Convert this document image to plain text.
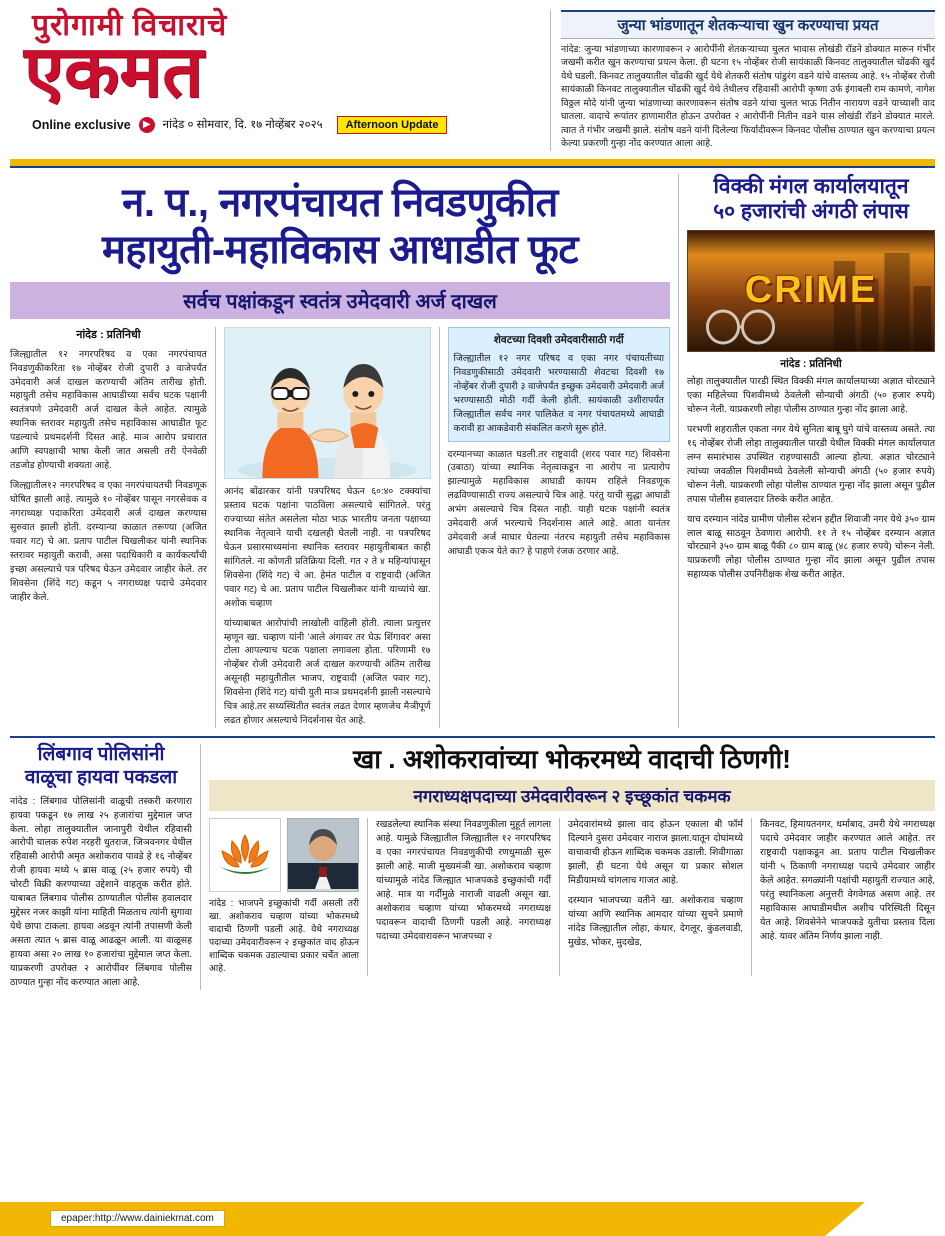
पुरोगामी विचाराचे
एकमत
Online exclusive	▶	नांदेड ० सोमवार, दि. १७ नोव्हेंबर २०२५	Afternoon Update
जुन्या भांडणातून शेतकऱ्याचा खुन करण्याचा प्रयत
नांदेड: जुन्या भांडणाच्या कारणावरून २ आरोपींनी शेतकऱ्याच्या चुलत भावास लोखंडी रॉडने डोक्यात मारून गंभीर जखमी करीत खुन करण्याचा प्रयत्न केला. ही घटना १५ नोव्हेंबर रोजी सायंकाळी किनवट तालुक्यातील चोंढकी खुर्द येथे घडली. किनवट तालुक्यातील चोंढकी खुर्द येथे शेतकरी संतोष पांडुरंग वडने यांचे वास्तव्य आहे. १५ नोव्हेंबर रोजी सायंकाळी किनवट तालुक्यातील चोंढकी खुर्द येथे तेथीलच रहिवासी आरोपी कृष्णा उर्फ इंगाबली राम कामणे, नागेश विठ्ठल मोदे यांनी जुन्या भांडणाच्या कारणावरून संतोष वडने यांचा चुलत भाऊ नितीन नारायण वडने याच्याशी वाद घातला. वादाचे रूपांतर हाणामारीत होऊन उपरोक्त २ आरोपींनी नितीन वडने यास लोखंडी रॉडने डोक्यात मारले. त्वात ते गंभीर जखमी झाले. संतोष वडने यांनी दिलेल्या फिर्यादीवरून किनवट पोलीस ठाण्यात खुन करण्याचा प्रयत्न केल्या प्रकरणी गुन्हा नोंद करण्यात आला आहे.
न. प., नगरपंचायत निवडणुकीत
महायुती-महाविकास आधाडीत फूट
सर्वच पक्षांकडून स्वतंत्र उमेदवारी अर्ज दाखल
नांदेड : प्रतिनिधी

जिल्ह्यातील १२ नगरपरिषद व एका नगरपंचायत निवडणुकीकरिता १७ नोव्हेंबर रोजी दुपारी ३ वाजेपर्यंत उमेदवारी अर्ज दाखल करण्याची अंतिम तारीख होती. महायुती तसेच महाविकास आघाडीच्या सर्वच घटक पक्षानी स्वतंत्रपणे उमेदवारी अर्ज दाखल केले आहेत. त्यामुळे स्थानिक स्तरावर महायुती तसेच महाविकास आघाडीत फूट पडल्याचे प्रथमदर्शनी दिसत आहे. माञ आरोप प्रचारात आणि स्वपक्षाची भाषा केली जात असली तरी ऐनवेळी तडजोड होण्याची शक्यता आहे.

जिल्ह्यातील१२ नगरपरिषद व एका नगरपंचायतची निवडणूक घोषित झाली आहे. त्यामुळे १० नोव्हेंबर पासून नगरसेवक व नगराध्यक्ष पदाकरिता उमेदवारी अर्ज दाखल करण्यास सुरुवात झाली होती. दरम्यान्या काळात तरूण्या (अजित पवार गट) चे आ. प्रताप पाटील चिखलीकर यांनी स्थानिक स्तरावर महायुती करावी, असा पदाधिकारी व कार्यकर्त्यांची इच्छा असल्याचे पत्र परिषद घेऊन उमेदवार जाहीर केले. तर शिवसेना (शिंदे गट) कडून ५ नगराध्यक्ष पदाचे उमेदवार जाहीर केले.

आनंद बोंढारकर यांनी पत्रपरिषद घेऊन ६०:४० टक्क्यांचा प्रस्ताव घटक पक्षांना पाठविला असल्याचे सांगितले. परंतु राज्याच्या संतेत असलेला मोठा भाऊ भारतीय जनता पक्षाच्या स्थानिक नेतृत्वाने याची दखलही घेतली नाही. ना पत्रपरिषद घेऊन प्रसारमाध्यमांना स्थानिक स्तरावर महायुतीबाबत काही सांगितले. ना कोणती प्रतिक्रिया दिली. गत २ ते ४ महिन्यांपासून शिवसेना (शिंदे गट) चे आ. हेमंत पाटील व राष्ट्रवादी (अजित पवार गट) चे आ. प्रताप पाटील चिखलीकर यांनी याच्यांचे खा. अशोक चव्हाण

यांच्याबाबत आरोपांची लाखोली वाहिली होती. त्याला प्रत्युत्तर म्हणून खा. चव्हाण यांनी 'आले अंगावर तर घेऊ शिंगावर' असा टोला आपल्याच घटक पक्षाला लगावला होता. परिणामी १७ नोव्हेंबर रोजी उमेदवारी अर्ज दाखल करण्याची अंतिम तारीख असूनही महायुतीतील भाजप, राष्ट्रवादी (अजित पवार गट), शिवसेना (शिंदे गट) यांची युती माञ प्रथमदर्शनी झाली नसल्याचे चित्र आहे.तर सध्यस्थितीत स्वतंत्र लढत देणार म्हणजेच मैञीपूर्ण लढत होणार असल्याचे निदर्शनास येत आहे.

शेवटच्या दिवशी उमेदवारीसाठी गर्दी
जिल्ह्यातील १२ नगर परिषद व एका नगर पंचायतीच्या निवडणुकीसाठी उमेदवारी भरण्यासाठी शेवटचा दिवशी १७ नोव्हेंबर रोजी दुपारी ३ वाजेपर्यंत इच्छुक उमेदवारी उमेदवारी अर्ज भरण्यासाठी मोठी गर्दी केली होती. सायंकाळी उशीरापर्यंत जिल्ह्यातील सर्वच नगर पालिकेत व नगर पंचायतमध्ये आघाडी करावी हा आकडेवारी संकलित करणे सुरू होते.

दरम्यानच्या काळात घडली.तर राष्ट्रवादी (शरद पवार गट) शिवसेना (उबाठा) यांच्या स्थानिक नेतृत्वाकडून ना आरोप ना प्रत्यारोप झाल्यामुळे महाविकास आघाडी कायम राहिले निवडणूक लढविण्यासाठी राज्य असल्याचे चित्र आहे. परंतु याची सुद्धा आघाडी अभंग असल्याचे चित्र दिसत नाही. याही घटक पक्षांनी स्वतंत्र उमेदवारी अर्ज भरल्याचे निदर्शनास आले आहे. आता यानंतर उमेदवारी अर्ज माघार घेतल्या नंतरच महायुती तसेच महाविकास आघाडी एकञ येते का? हे पाहणे रंजक ठरणार आहे.

विक्की मंगल कार्यालयातून
५० हजारांची अंगठी लंपास
CRIME
नांदेड : प्रतिनिधी

लोहा तालुक्यातील पारडी स्थित विक्की मंगल कार्यालयाच्या अज्ञात चोरट्याने एका महिलेच्या पिशवीमध्ये ठेवलेली सोन्याची अंगठी (५० हजार रुपये) चोरून नेली. याप्रकरणी लोहा पोलीस ठाण्यात गुन्हा नोंद झाला आहे.

परभणी शहरातील एकता नगर येथे सुनिता बाबू घुगे यांचे वास्तव्य असते. त्या १६ नोव्हेंबर रोजी लोहा तालुक्यातील पारडी येथील विक्की मंगल कार्यालयात लग्न समारंभास उपस्थित राहण्यासाठी आल्या होत्या. अज्ञात चोरट्याने त्यांच्या जवळील पिशवीमध्ये ठेवलेली सोन्याची अंगठी (५० हजार रुपये) चोरून नेली. याप्रकरणी लोहा पोलीस ठाण्यात गुन्हा नोंद झाला असून पुढील तपास पोलीस हवालदार तिरुके करीत आहेत.

याच दरम्यान नांदेड ग्रामीण पोलीस स्टेशन हद्दीत शिवाजी नगर येथे ३५० ग्राम लाल बाळू साठवून ठेवणारा आरोपी. ११ ते १५ नोव्हेंबर दरम्यान अज्ञात चोरट्याने ३५० ग्राम बाळू पैकी ८० ग्राम बाळू (४८ हजार रुपये) चोरून नेली. याप्रकरणी लोहा पोलीस ठाण्यात गुन्हा नोंद झाला असून पुढील तपास सहाय्यक पोलीस उपनिरीक्षक शेख करीत आहेत.

लिंबगाव पोलिसांनी
वाळूचा हायवा पकडला
नांदेड : लिंबगाव पोलिसांनी वाळूची तस्करी करणारा हायवा पकडून १७ लाख २५ हजारांचा मुद्देमाल जप्त केला. लोहा तालुक्यातील जानापुरी येथील रहिवासी आरोपी चालक रुपेश नरहरी धुतराज, जिञवनगर येथील रहिवासी आरोपी अमृत अशोकराव पावडे हे १६ नोव्हेंबर रोजी हायवा मध्ये ५ ब्रास वाळू (२५ हजार रुपये) ची चोरटी विक्री करण्याच्या उद्देशाने वाहतूक करीत होते. याबाबत लिंबगाव पोलीस ठाण्यातील पोलीस हवालदार मुद्देसर नजर काझी यांना माहिती मिळताच त्यांनी सुगावा येथे छापा टाकला. हायवा अडवून त्यांनी तपासणी केली असता त्यात ५ ब्रास वाळू आढळून आली. या वाळूसह हायवा असा २० लाख १० हजारांचा मुद्देमाल जप्त केला. याप्रकरणी उपरोक्त २ आरोपींवर लिंबगाव पोलीस ठाण्यात गुन्हा नोंद करण्यात आला आहे.
खा . अशोकरावांच्या भोकरमध्ये वादाची ठिणगी!
नगराध्यक्षपदाच्या उमेदवारीवरून २ इच्छूकांत चकमक
नांदेड : भाजपने इच्छुकांची गर्दी असली तरी खा. अशोकराव चव्हाण यांच्या भोकरमध्ये वादाची ठिणगी पडली आहे. येथे नगराध्यक्ष पदाच्या उमेदवारीवरून २ इच्छुकांत वाद होऊन शाब्दिक चकमक उडाल्याचा प्रकार चर्चेत आला आहे.

रखडलेल्या स्थानिक संस्था निवडणुकीला मुहूर्त लागला आहे. यामुळे जिल्ह्यातील जिल्ह्यातील १२ नगरपरिषद व एका नगरपंचायत निवडणुकीची रणधुमाळी सुरू झाली आहे. माजी मुख्यमंञी खा. अशोकराव चव्हाण यांच्यामुळे नांदेड जिल्ह्यात भाजपकडे इच्छुकांची गर्दी आहे. मात्र या गर्दीमुळे नाराजी वाढली असून खा. अशोकराव चव्हाण यांच्या भोकरमध्ये नगराध्यक्ष पदावरून वादाची ठिणगी पडली आहे. नगराध्यक्ष पदाच्या उमेदवारावरून भाजपच्या २

उमेदवारांमध्ये झाला वाद होऊन एकाला बी फॉर्म दिल्याने दुसरा उमेदवार नाराज झाला.यातून दोघांमध्ये वाचावाची होऊन शाब्दिक चकमक उडाली. शिवीगाळा झाली, ही घटना येथे असून या प्रकार सोशल मिडीयामध्ये चांगलाच गाजत आहे.

दरम्यान भाजपच्या वतीने खा. अशोकराव चव्हाण यांच्या आणि स्थानिक आमदार यांच्या सुचने प्रमाणे नांदेड जिल्ह्यातील लोहा, कंधार, देगलूर, कुंडलवाडी, मुखेड, भोकर, मुदखेड,

किनवट, हिमायतनगर, धर्माबाद, उमरी येथे नगराध्यक्ष पदाचे उमेदवार जाहीर करण्यात आले आहेत. तर राष्ट्रवादी पक्षाकडून आ. प्रताप पाटील चिखलीकर यांनी ५ ठिकाणी नगराध्यक्ष पदाचे उमेदवार जाहीर केले आहेत. सगळ्यांनी पक्षांची महायुती राज्यात आहे, परंतु स्थानिकला अनुत्तरी वेगवेगळ असण आहे. तर महाविकास आघाडीमधील अशीच परिस्थिती दिसून येत आहे. शिवसेनेने भाजपकडे युतीचा प्रस्ताव दिला आहे. यावर अंतिम निर्णय झाला नाही.

epaper:http://www.dainiekmat.com
